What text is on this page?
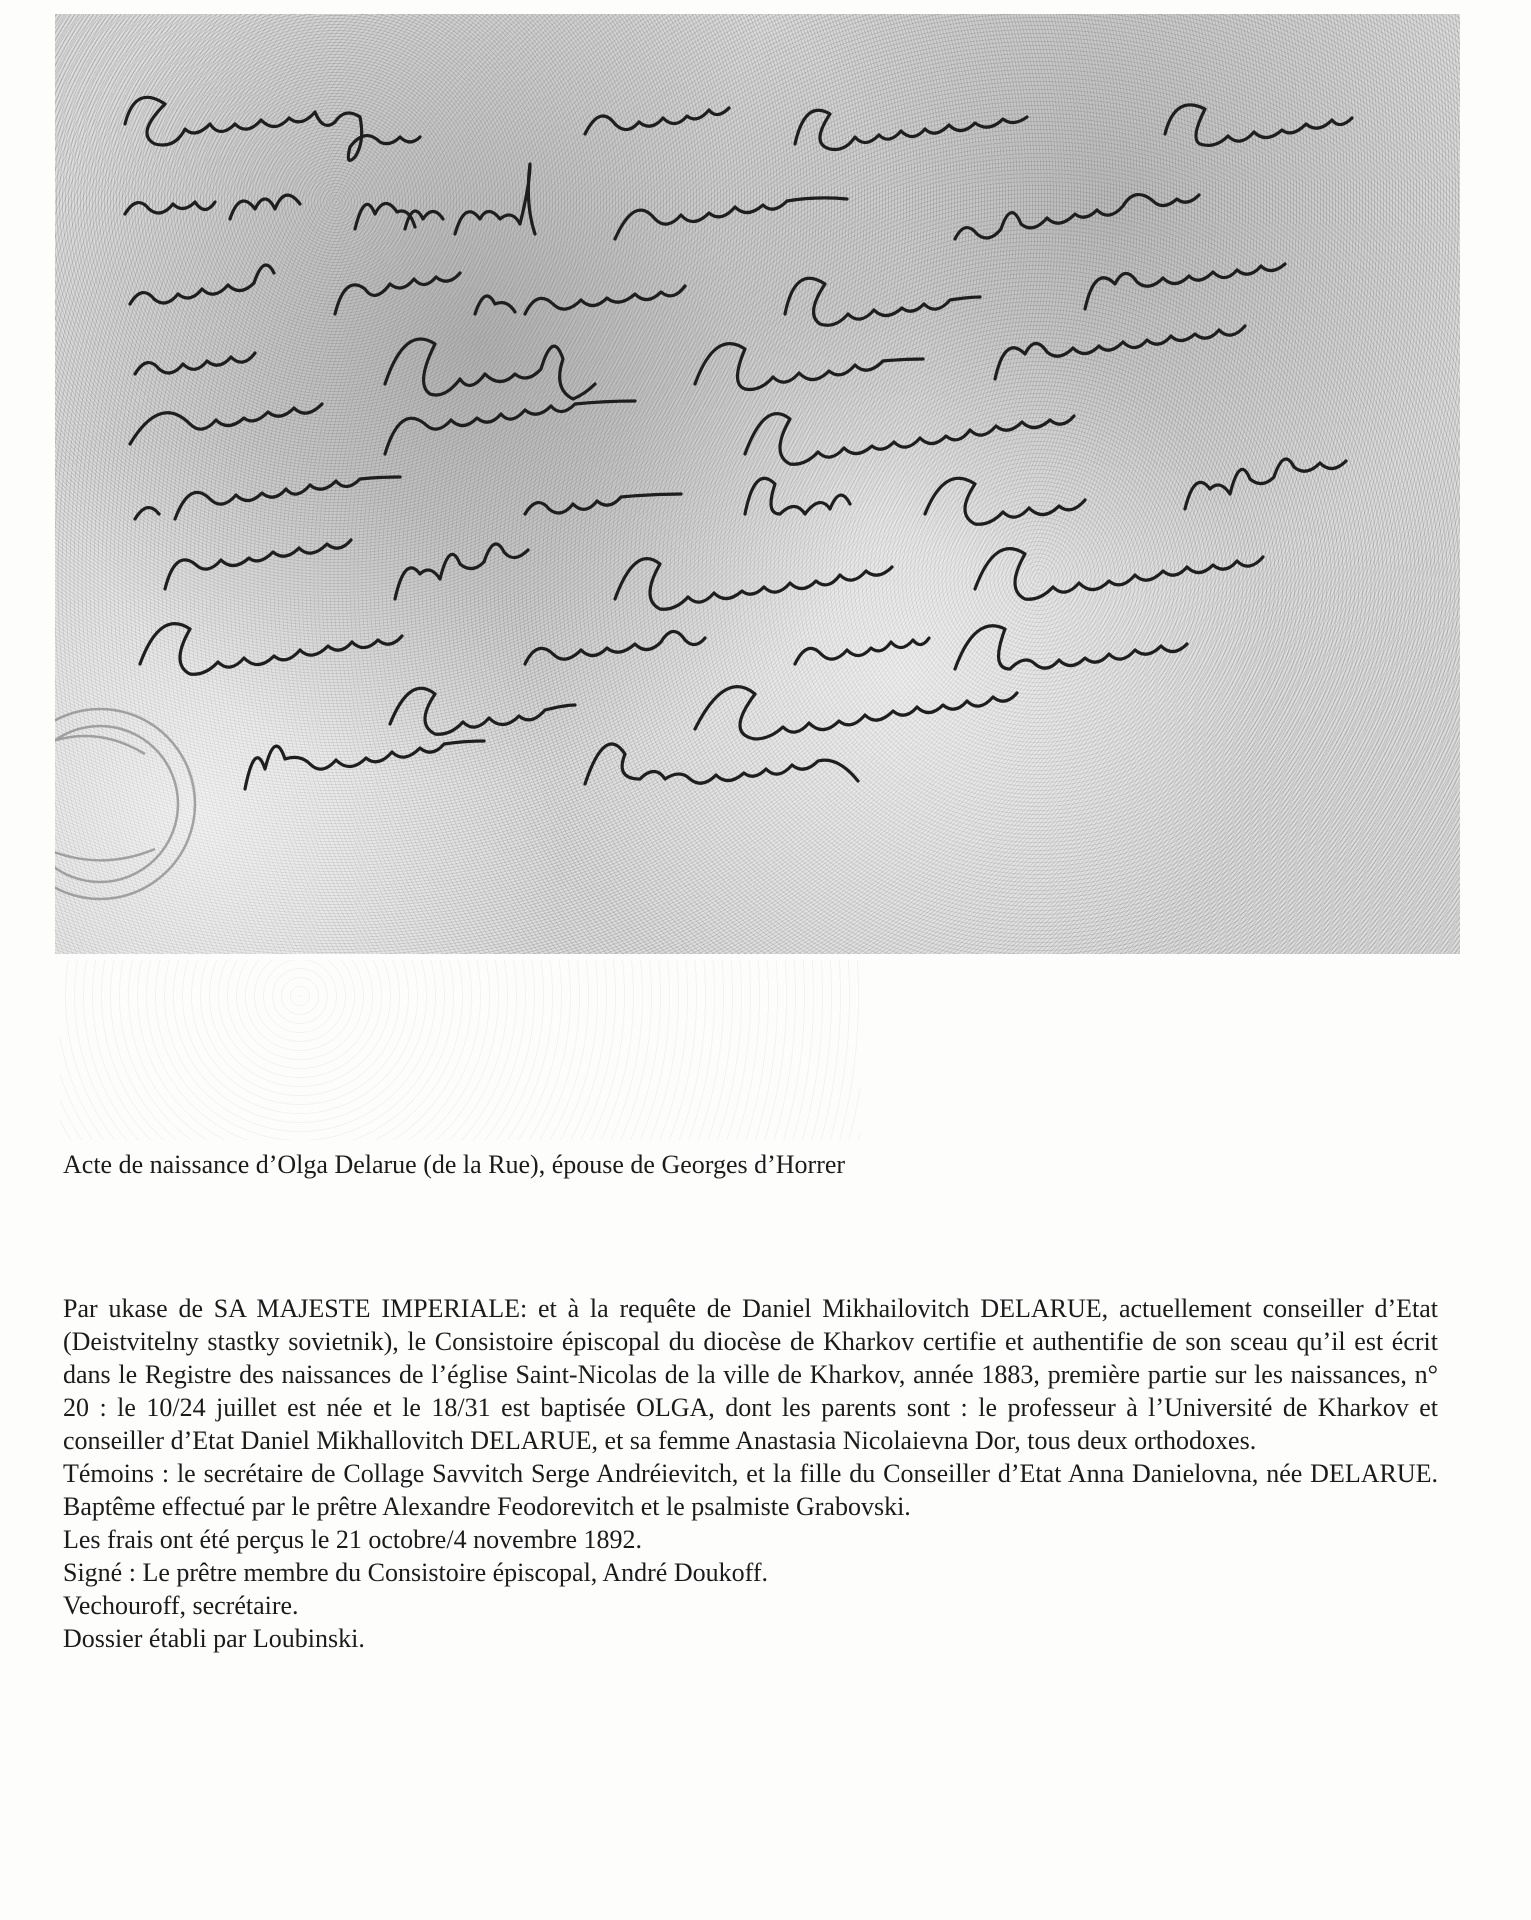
Acte de naissance d’Olga Delarue (de la Rue), épouse de Georges d’Horrer

Par ukase de SA MAJESTE IMPERIALE: et à la requête de Daniel Mikhailovitch DELARUE, actuellement conseiller d’Etat (Deistvitelny stastky sovietnik), le Consistoire épiscopal du diocèse de Kharkov certifie et authentifie de son sceau qu’il est écrit dans le Registre des naissances de l’église Saint-Nicolas de la ville de Kharkov, année 1883, première partie sur les naissances, n° 20 : le 10/24 juillet est née et le 18/31 est baptisée OLGA, dont les parents sont : le professeur à l’Université de Kharkov et conseiller d’Etat Daniel Mikhallovitch DELARUE, et sa femme Anastasia Nicolaievna Dor, tous deux orthodoxes.

Témoins : le secrétaire de Collage Savvitch Serge Andréievitch, et la fille du Conseiller d’Etat Anna Danielovna, née DELARUE. Baptême effectué par le prêtre Alexandre Feodorevitch et le psalmiste Grabovski.

Les frais ont été perçus le 21 octobre/4 novembre 1892.

Signé : Le prêtre membre du Consistoire épiscopal, André Doukoff.

Vechouroff, secrétaire.

Dossier établi par Loubinski.
